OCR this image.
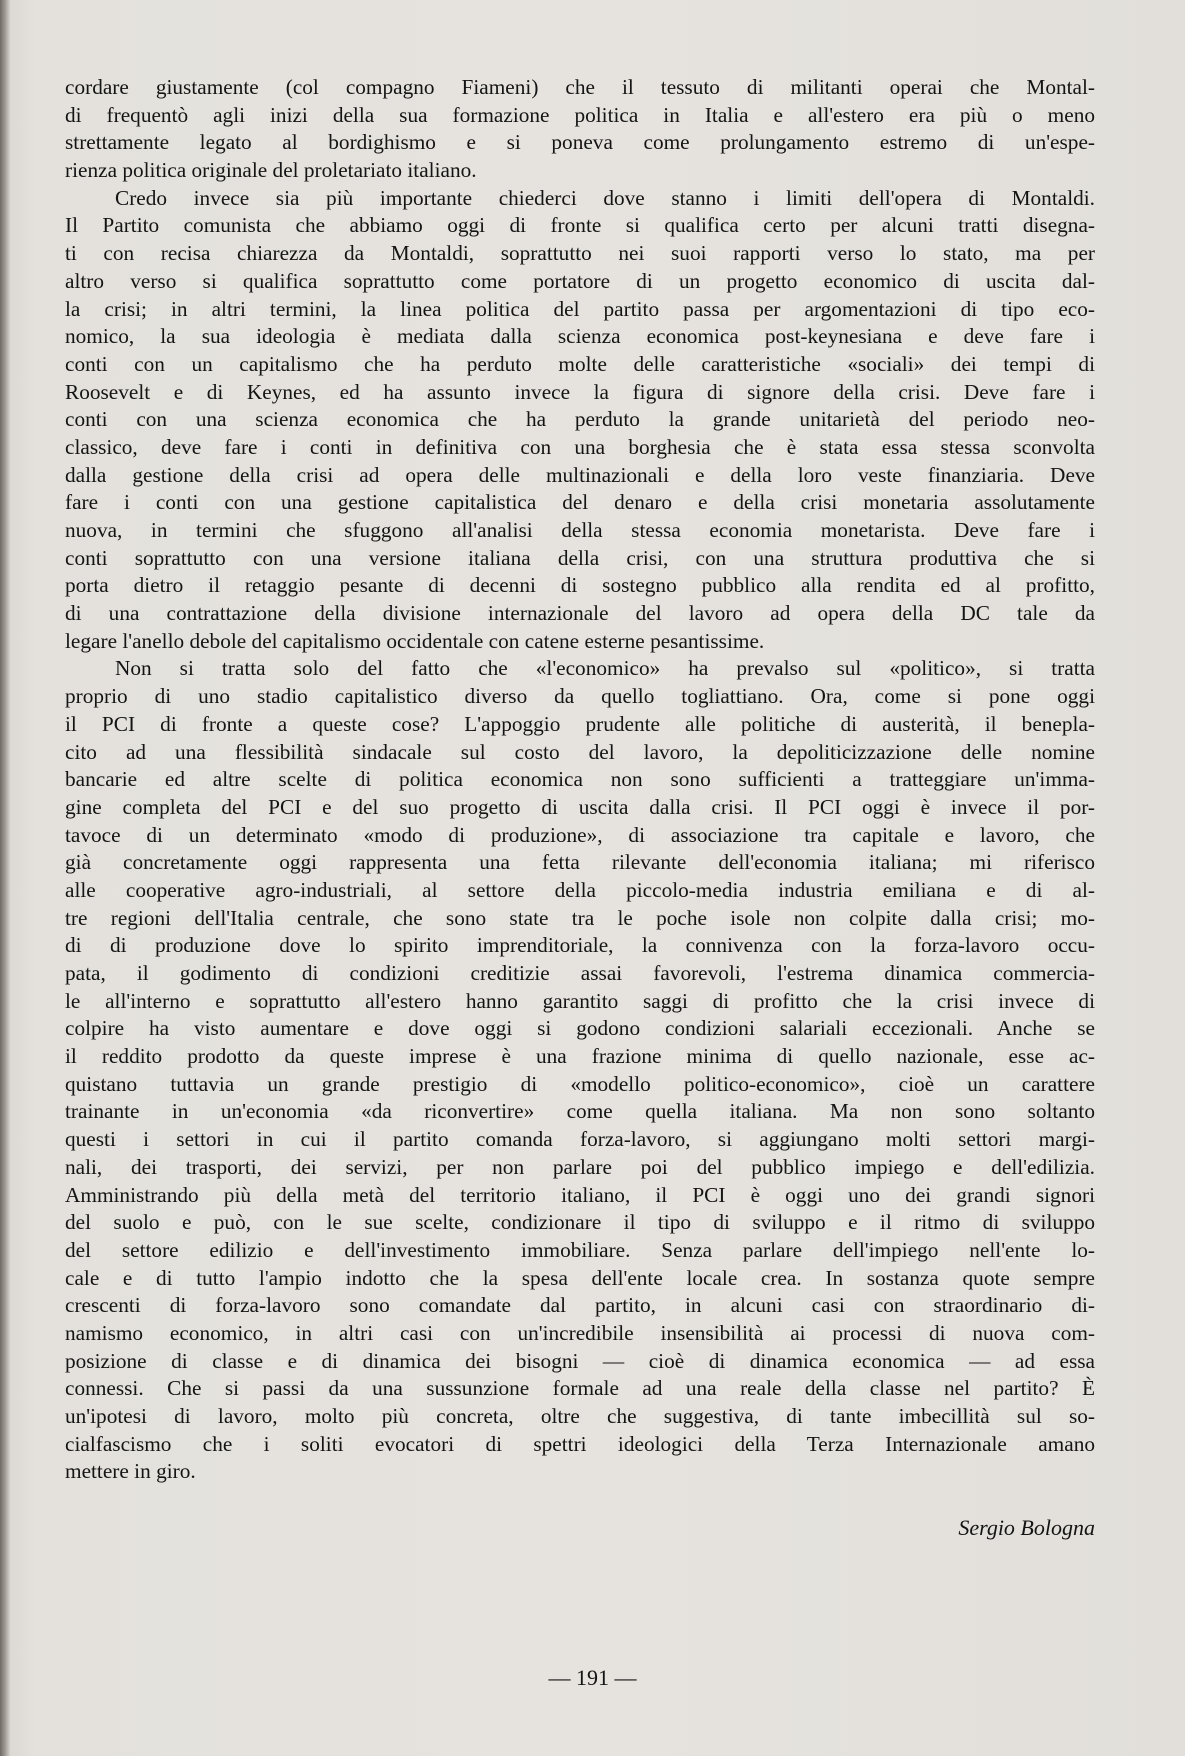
cordare giustamente (col compagno Fiameni) che il tessuto di militanti operai che Montal-
di frequentò agli inizi della sua formazione politica in Italia e all'estero era più o meno
strettamente legato al bordighismo e si poneva come prolungamento estremo di un'espe-
rienza politica originale del proletariato italiano.
Credo invece sia più importante chiederci dove stanno i limiti dell'opera di Montaldi.
Il Partito comunista che abbiamo oggi di fronte si qualifica certo per alcuni tratti disegna-
ti con recisa chiarezza da Montaldi, soprattutto nei suoi rapporti verso lo stato, ma per
altro verso si qualifica soprattutto come portatore di un progetto economico di uscita dal-
la crisi; in altri termini, la linea politica del partito passa per argomentazioni di tipo eco-
nomico, la sua ideologia è mediata dalla scienza economica post-keynesiana e deve fare i
conti con un capitalismo che ha perduto molte delle caratteristiche «sociali» dei tempi di
Roosevelt e di Keynes, ed ha assunto invece la figura di signore della crisi. Deve fare i
conti con una scienza economica che ha perduto la grande unitarietà del periodo neo-
classico, deve fare i conti in definitiva con una borghesia che è stata essa stessa sconvolta
dalla gestione della crisi ad opera delle multinazionali e della loro veste finanziaria. Deve
fare i conti con una gestione capitalistica del denaro e della crisi monetaria assolutamente
nuova, in termini che sfuggono all'analisi della stessa economia monetarista. Deve fare i
conti soprattutto con una versione italiana della crisi, con una struttura produttiva che si
porta dietro il retaggio pesante di decenni di sostegno pubblico alla rendita ed al profitto,
di una contrattazione della divisione internazionale del lavoro ad opera della DC tale da
legare l'anello debole del capitalismo occidentale con catene esterne pesantissime.
Non si tratta solo del fatto che «l'economico» ha prevalso sul «politico», si tratta
proprio di uno stadio capitalistico diverso da quello togliattiano. Ora, come si pone oggi
il PCI di fronte a queste cose? L'appoggio prudente alle politiche di austerità, il benepla-
cito ad una flessibilità sindacale sul costo del lavoro, la depoliticizzazione delle nomine
bancarie ed altre scelte di politica economica non sono sufficienti a tratteggiare un'imma-
gine completa del PCI e del suo progetto di uscita dalla crisi. Il PCI oggi è invece il por-
tavoce di un determinato «modo di produzione», di associazione tra capitale e lavoro, che
già concretamente oggi rappresenta una fetta rilevante dell'economia italiana; mi riferisco
alle cooperative agro-industriali, al settore della piccolo-media industria emiliana e di al-
tre regioni dell'Italia centrale, che sono state tra le poche isole non colpite dalla crisi; mo-
di di produzione dove lo spirito imprenditoriale, la connivenza con la forza-lavoro occu-
pata, il godimento di condizioni creditizie assai favorevoli, l'estrema dinamica commercia-
le all'interno e soprattutto all'estero hanno garantito saggi di profitto che la crisi invece di
colpire ha visto aumentare e dove oggi si godono condizioni salariali eccezionali. Anche se
il reddito prodotto da queste imprese è una frazione minima di quello nazionale, esse ac-
quistano tuttavia un grande prestigio di «modello politico-economico», cioè un carattere
trainante in un'economia «da riconvertire» come quella italiana. Ma non sono soltanto
questi i settori in cui il partito comanda forza-lavoro, si aggiungano molti settori margi-
nali, dei trasporti, dei servizi, per non parlare poi del pubblico impiego e dell'edilizia.
Amministrando più della metà del territorio italiano, il PCI è oggi uno dei grandi signori
del suolo e può, con le sue scelte, condizionare il tipo di sviluppo e il ritmo di sviluppo
del settore edilizio e dell'investimento immobiliare. Senza parlare dell'impiego nell'ente lo-
cale e di tutto l'ampio indotto che la spesa dell'ente locale crea. In sostanza quote sempre
crescenti di forza-lavoro sono comandate dal partito, in alcuni casi con straordinario di-
namismo economico, in altri casi con un'incredibile insensibilità ai processi di nuova com-
posizione di classe e di dinamica dei bisogni — cioè di dinamica economica — ad essa
connessi. Che si passi da una sussunzione formale ad una reale della classe nel partito? È
un'ipotesi di lavoro, molto più concreta, oltre che suggestiva, di tante imbecillità sul so-
cialfascismo che i soliti evocatori di spettri ideologici della Terza Internazionale amano
mettere in giro.
Sergio Bologna
— 191 —
